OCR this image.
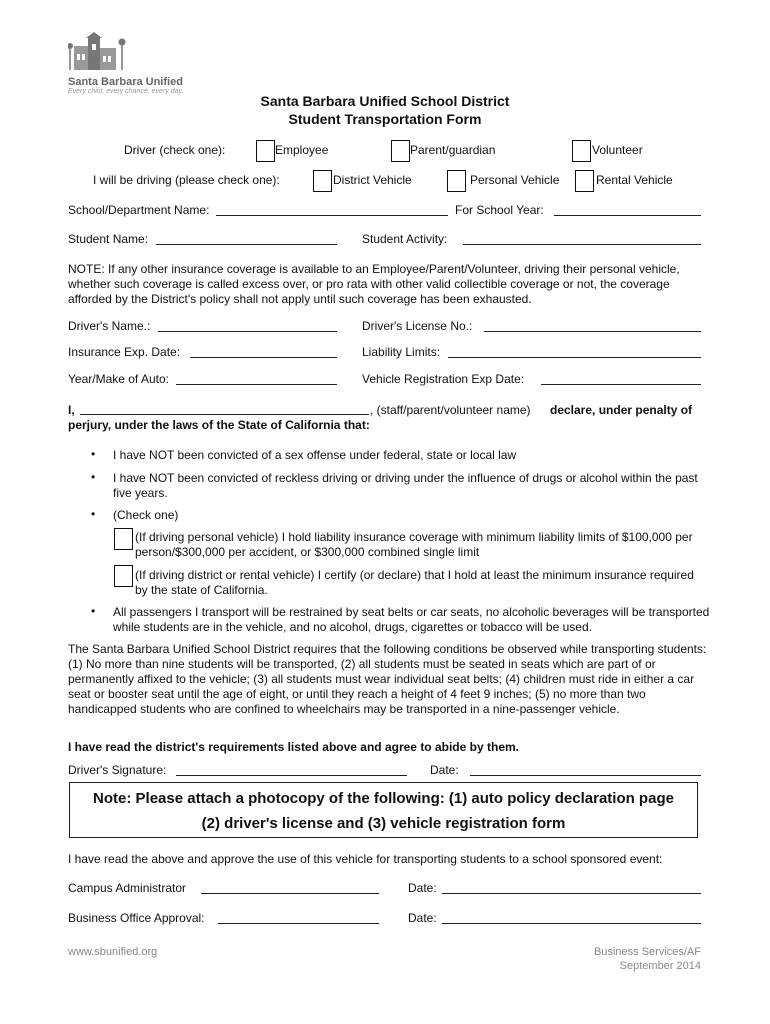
Santa Barbara Unified
Every child, every chance, every day.
Santa Barbara Unified School District
Student Transportation Form
Driver (check one):	Employee	Parent/guardian	Volunteer
I will be driving (please check one):	District Vehicle	Personal Vehicle	Rental Vehicle
School/Department Name:	For School Year:
Student Name:	Student Activity:
NOTE: If any other insurance coverage is available to an Employee/Parent/Volunteer, driving their personal vehicle, whether such coverage is called excess over, or pro rata with other valid collectible coverage or not, the coverage afforded by the District's policy shall not apply until such coverage has been exhausted.
Driver's Name.:	Driver's License No.:
Insurance Exp. Date:	Liability Limits:
Year/Make of Auto:	Vehicle Registration Exp Date:
I,	, (staff/parent/volunteer name) declare, under penalty of
perjury, under the laws of the State of California that:
• I have NOT been convicted of a sex offense under federal, state or local law
• I have NOT been convicted of reckless driving or driving under the influence of drugs or alcohol within the past five years.
• (Check one)
(If driving personal vehicle) I hold liability insurance coverage with minimum liability limits of $100,000 per person/$300,000 per accident, or $300,000 combined single limit
(If driving district or rental vehicle) I certify (or declare) that I hold at least the minimum insurance required by the state of California.
• All passengers I transport will be restrained by seat belts or car seats, no alcoholic beverages will be transported while students are in the vehicle, and no alcohol, drugs, cigarettes or tobacco will be used.
The Santa Barbara Unified School District requires that the following conditions be observed while transporting students: (1) No more than nine students will be transported, (2) all students must be seated in seats which are part of or permanently affixed to the vehicle; (3) all students must wear individual seat belts; (4) children must ride in either a car seat or booster seat until the age of eight, or until they reach a height of 4 feet 9 inches; (5) no more than two handicapped students who are confined to wheelchairs may be transported in a nine-passenger vehicle.
I have read the district's requirements listed above and agree to abide by them.
Driver's Signature:	Date:
Note: Please attach a photocopy of the following: (1) auto policy declaration page
(2) driver's license and (3) vehicle registration form
I have read the above and approve the use of this vehicle for transporting students to a school sponsored event:
Campus Administrator	Date:
Business Office Approval:	Date:
www.sbunified.org	Business Services/AF
September 2014
